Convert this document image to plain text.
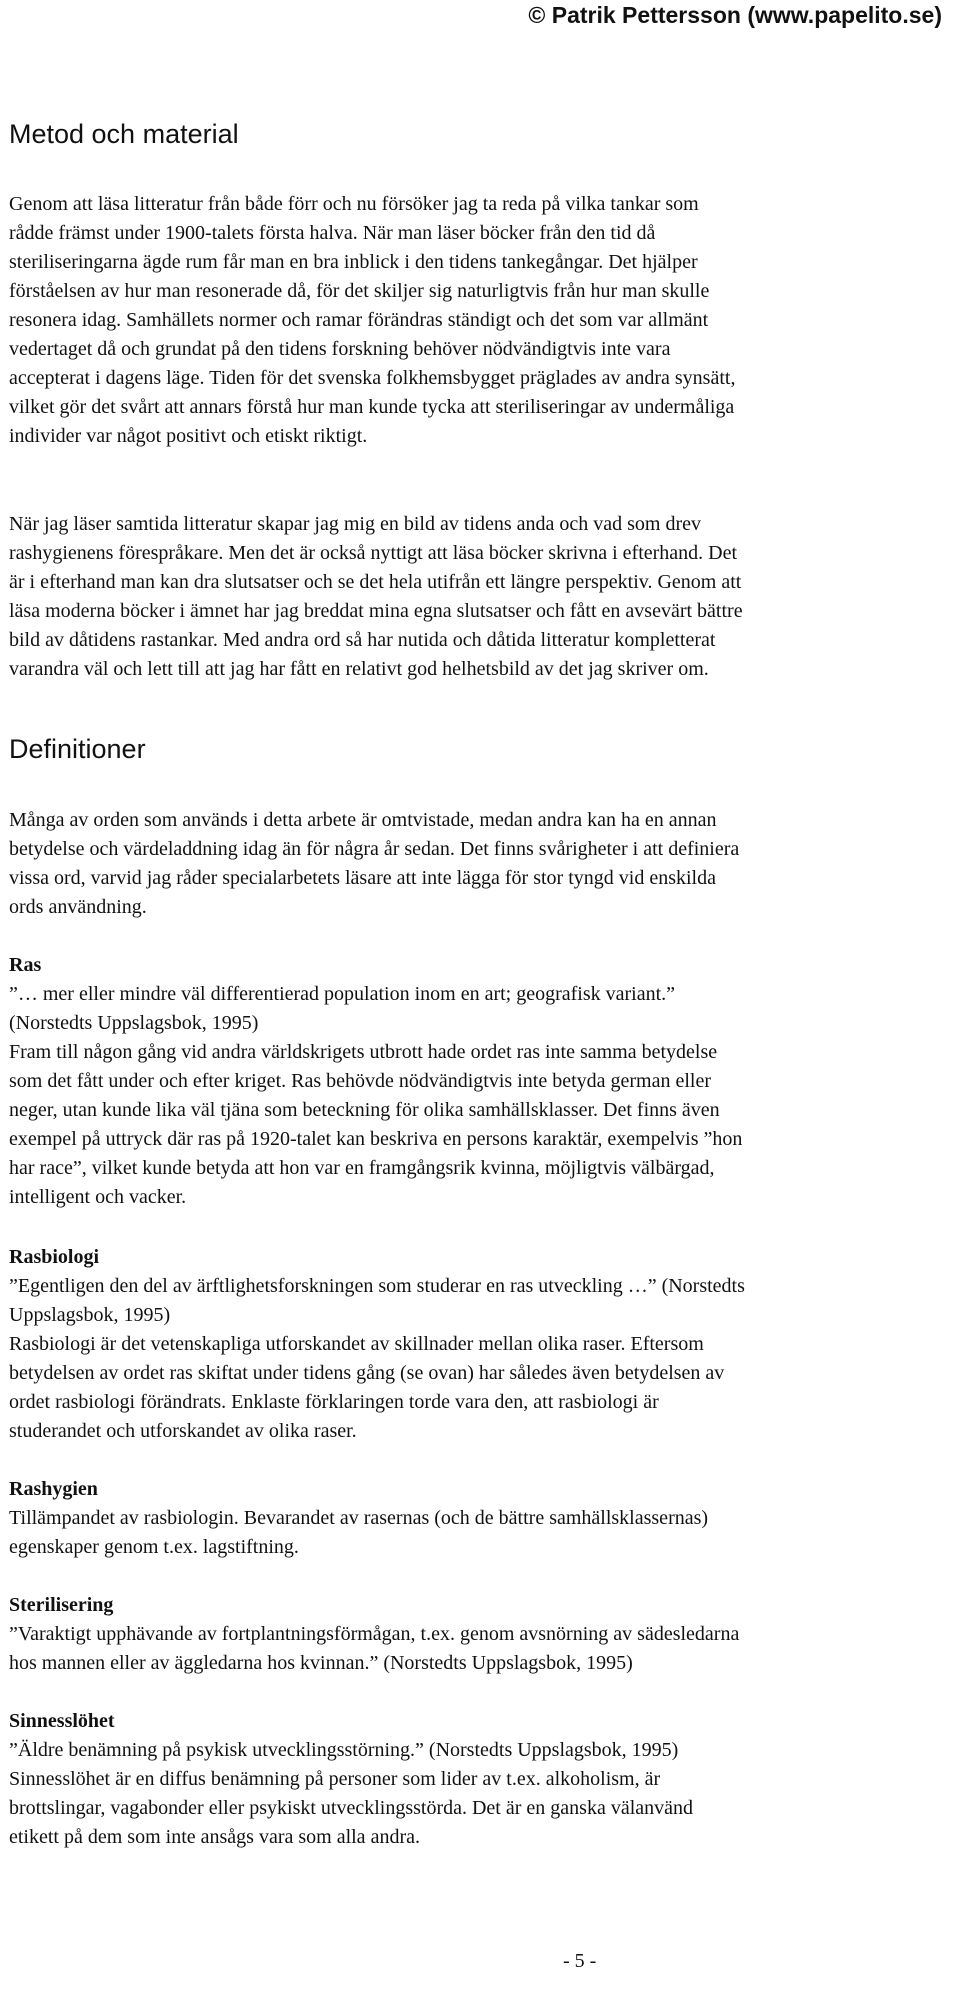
© Patrik Pettersson (www.papelito.se)
Metod och material
Genom att läsa litteratur från både förr och nu försöker jag ta reda på vilka tankar som
rådde främst under 1900-talets första halva. När man läser böcker från den tid då
steriliseringarna ägde rum får man en bra inblick i den tidens tankegångar. Det hjälper
förståelsen av hur man resonerade då, för det skiljer sig naturligtvis från hur man skulle
resonera idag. Samhällets normer och ramar förändras ständigt och det som var allmänt
vedertaget då och grundat på den tidens forskning behöver nödvändigtvis inte vara
accepterat i dagens läge. Tiden för det svenska folkhemsbygget präglades av andra synsätt,
vilket gör det svårt att annars förstå hur man kunde tycka att steriliseringar av undermåliga
individer var något positivt och etiskt riktigt.
När jag läser samtida litteratur skapar jag mig en bild av tidens anda och vad som drev
rashygienens förespråkare. Men det är också nyttigt att läsa böcker skrivna i efterhand. Det
är i efterhand man kan dra slutsatser och se det hela utifrån ett längre perspektiv. Genom att
läsa moderna böcker i ämnet har jag breddat mina egna slutsatser och fått en avsevärt bättre
bild av dåtidens rastankar. Med andra ord så har nutida och dåtida litteratur kompletterat
varandra väl och lett till att jag har fått en relativt god helhetsbild av det jag skriver om.
Definitioner
Många av orden som används i detta arbete är omtvistade, medan andra kan ha en annan
betydelse och värdeladdning idag än för några år sedan. Det finns svårigheter i att definiera
vissa ord, varvid jag råder specialarbetets läsare att inte lägga för stor tyngd vid enskilda
ords användning.
Ras
”… mer eller mindre väl differentierad population inom en art; geografisk variant.”
(Norstedts Uppslagsbok, 1995)
Fram till någon gång vid andra världskrigets utbrott hade ordet ras inte samma betydelse
som det fått under och efter kriget. Ras behövde nödvändigtvis inte betyda german eller
neger, utan kunde lika väl tjäna som beteckning för olika samhällsklasser. Det finns även
exempel på uttryck där ras på 1920-talet kan beskriva en persons karaktär, exempelvis ”hon
har race”, vilket kunde betyda att hon var en framgångsrik kvinna, möjligtvis välbärgad,
intelligent och vacker.
Rasbiologi
”Egentligen den del av ärftlighetsforskningen som studerar en ras utveckling …” (Norstedts
Uppslagsbok, 1995)
Rasbiologi är det vetenskapliga utforskandet av skillnader mellan olika raser. Eftersom
betydelsen av ordet ras skiftat under tidens gång (se ovan) har således även betydelsen av
ordet rasbiologi förändrats. Enklaste förklaringen torde vara den, att rasbiologi är
studerandet och utforskandet av olika raser.
Rashygien
Tillämpandet av rasbiologin. Bevarandet av rasernas (och de bättre samhällsklassernas)
egenskaper genom t.ex. lagstiftning.
Sterilisering
”Varaktigt upphävande av fortplantningsförmågan, t.ex. genom avsnörning av sädesledarna
hos mannen eller av äggledarna hos kvinnan.” (Norstedts Uppslagsbok, 1995)
Sinnesslöhet
”Äldre benämning på psykisk utvecklingsstörning.” (Norstedts Uppslagsbok, 1995)
Sinnesslöhet är en diffus benämning på personer som lider av t.ex. alkoholism, är
brottslingar, vagabonder eller psykiskt utvecklingsstörda. Det är en ganska välanvänd
etikett på dem som inte ansågs vara som alla andra.
- 5 -
